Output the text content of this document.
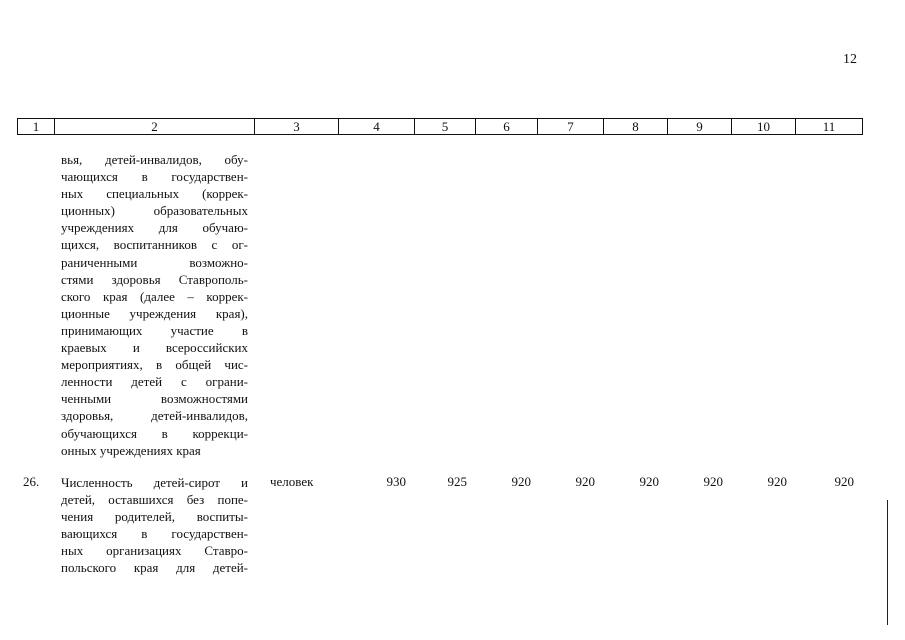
12
1	2	3	4	5	6	7	8	9	10	11
вья, детей-инвалидов, обу-
чающихся в государствен-
ных специальных (коррек-
ционных) образовательных
учреждениях для обучаю-
щихся, воспитанников с ог-
раниченными возможно-
стями здоровья Ставрополь-
ского края (далее – коррек-
ционные учреждения края),
принимающих участие в
краевых и всероссийских
мероприятиях, в общей чис-
ленности детей с ограни-
ченными возможностями
здоровья, детей-инвалидов,
обучающихся в коррекци-
онных учреждениях края
26. Численность детей-сирот и
детей, оставшихся без попе-
чения родителей, воспиты-
вающихся в государствен-
ных организациях Ставро-
польского края для детей-
человек	930	925	920	920	920	920	920	920
